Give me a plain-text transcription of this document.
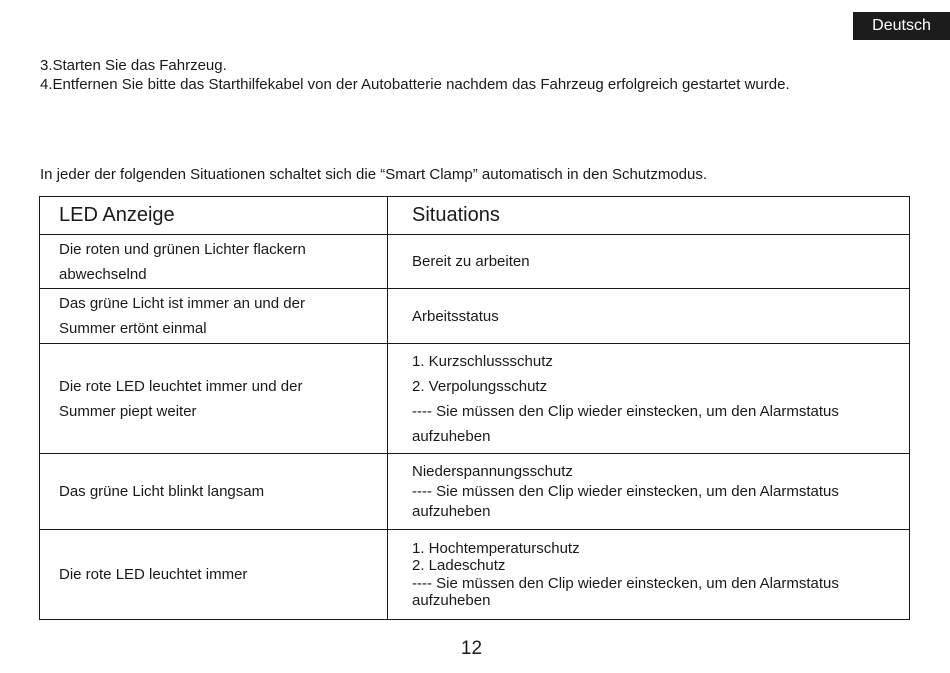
Deutsch
3.Starten Sie das Fahrzeug.
4.Entfernen Sie bitte das Starthilfekabel von der Autobatterie nachdem das Fahrzeug erfolgreich gestartet wurde.
In jeder der folgenden Situationen schaltet sich die “Smart Clamp” automatisch in den Schutzmodus.
LED Anzeige	Situations

Die roten und grünen Lichter flackern
abwechselnd	Bereit zu arbeiten

Das grüne Licht ist immer an und der
Summer ertönt einmal	Arbeitsstatus

Die rote LED leuchtet immer und der
Summer piept weiter	1. Kurzschlussschutz
2. Verpolungsschutz
---- Sie müssen den Clip wieder einstecken, um den Alarmstatus
aufzuheben

Das grüne Licht blinkt langsam	Niederspannungsschutz
---- Sie müssen den Clip wieder einstecken, um den Alarmstatus
aufzuheben

Die rote LED leuchtet immer	1. Hochtemperaturschutz
2. Ladeschutz
---- Sie müssen den Clip wieder einstecken, um den Alarmstatus
aufzuheben
12
